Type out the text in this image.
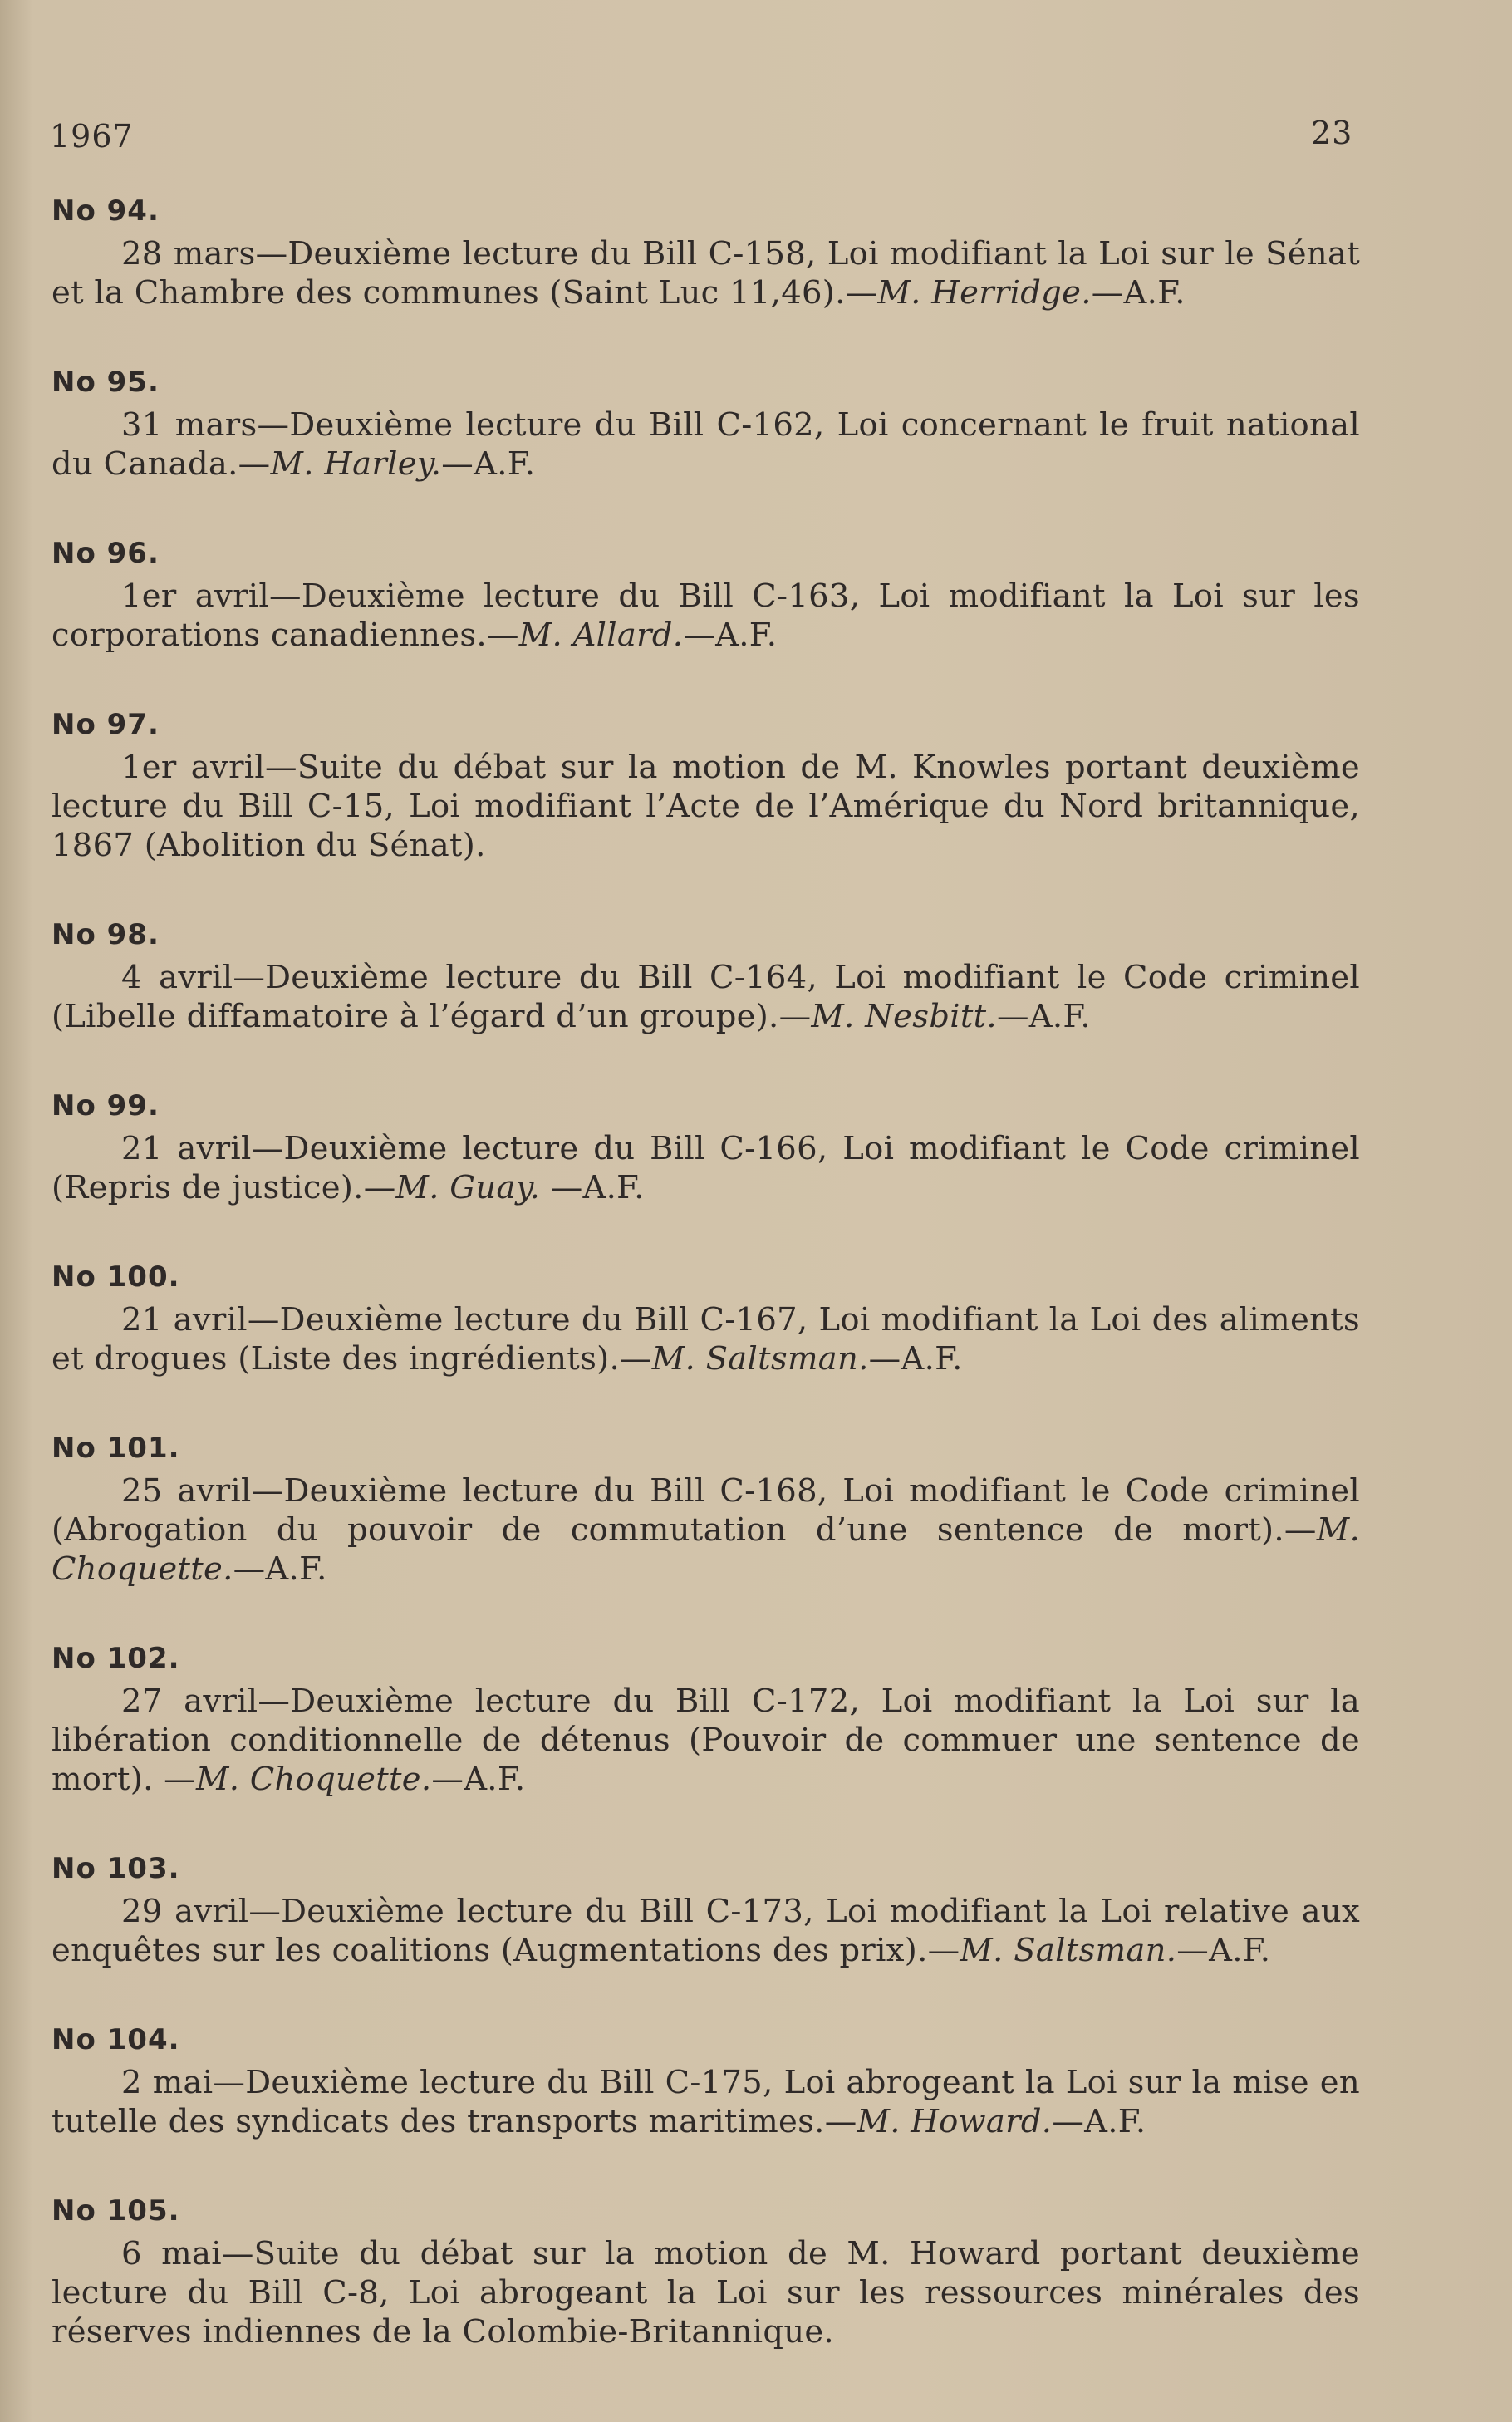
1967	23
No 94.
28 mars—Deuxième lecture du Bill C-158, Loi modifiant la Loi sur le Sénat et la Chambre des communes (Saint Luc 11,46).—M. Herridge.—A.F.
No 95.
31 mars—Deuxième lecture du Bill C-162, Loi concernant le fruit national du Canada.—M. Harley.—A.F.
No 96.
1er avril—Deuxième lecture du Bill C-163, Loi modifiant la Loi sur les corporations canadiennes.—M. Allard.—A.F.
No 97.
1er avril—Suite du débat sur la motion de M. Knowles portant deuxième lecture du Bill C-15, Loi modifiant l’Acte de l’Amérique du Nord britannique, 1867 (Abolition du Sénat).
No 98.
4 avril—Deuxième lecture du Bill C-164, Loi modifiant le Code criminel (Libelle diffamatoire à l’égard d’un groupe).—M. Nesbitt.—A.F.
No 99.
21 avril—Deuxième lecture du Bill C-166, Loi modifiant le Code criminel (Repris de justice).—M. Guay. —A.F.
No 100.
21 avril—Deuxième lecture du Bill C-167, Loi modifiant la Loi des aliments et drogues (Liste des ingrédients).—M. Saltsman.—A.F.
No 101.
25 avril—Deuxième lecture du Bill C-168, Loi modifiant le Code criminel (Abrogation du pouvoir de commutation d’une sentence de mort).—M. Choquette.—A.F.
No 102.
27 avril—Deuxième lecture du Bill C-172, Loi modifiant la Loi sur la libération conditionnelle de détenus (Pouvoir de commuer une sentence de mort). —M. Choquette.—A.F.
No 103.
29 avril—Deuxième lecture du Bill C-173, Loi modifiant la Loi relative aux enquêtes sur les coalitions (Augmentations des prix).—M. Saltsman.—A.F.
No 104.
2 mai—Deuxième lecture du Bill C-175, Loi abrogeant la Loi sur la mise en tutelle des syndicats des transports maritimes.—M. Howard.—A.F.
No 105.
6 mai—Suite du débat sur la motion de M. Howard portant deuxième lecture du Bill C-8, Loi abrogeant la Loi sur les ressources minérales des réserves indiennes de la Colombie-Britannique.
